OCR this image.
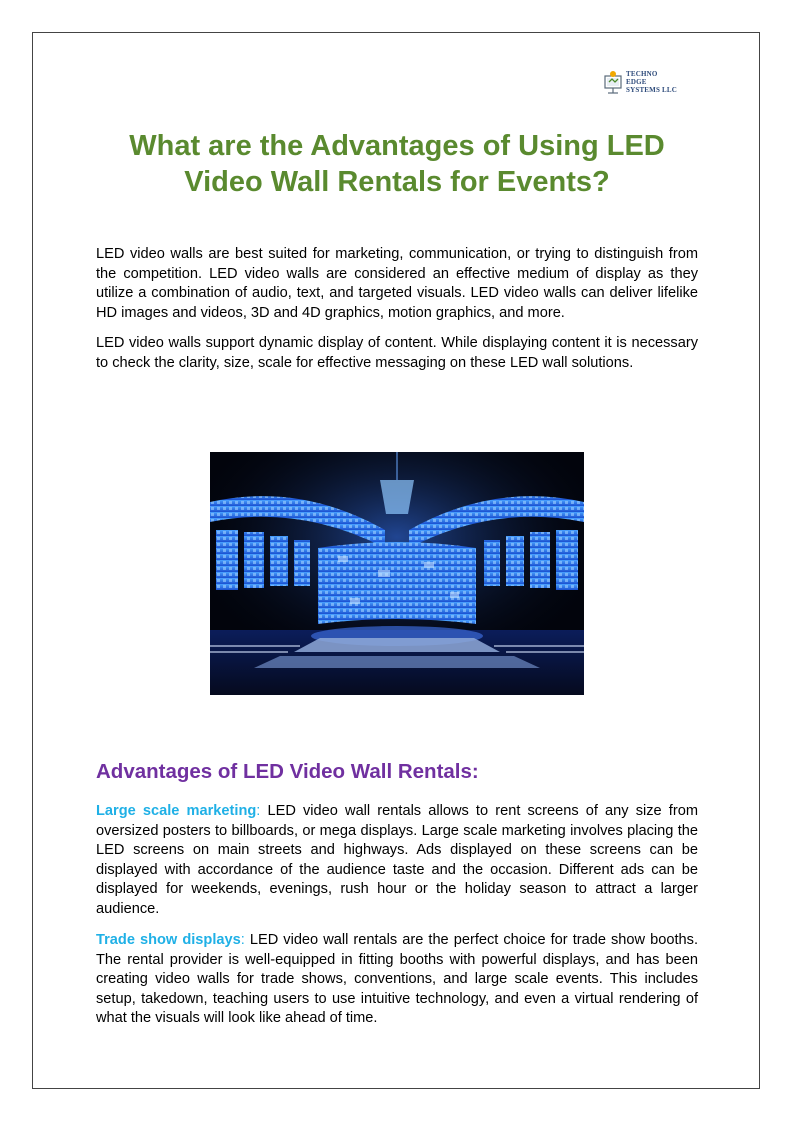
TECHNO
EDGE
SYSTEMS LLC
What are the Advantages of Using LED Video Wall Rentals for Events?

LED video walls are best suited for marketing, communication, or trying to distinguish from the competition. LED video walls are considered an effective medium of display as they utilize a combination of audio, text, and targeted visuals. LED video walls can deliver lifelike HD images and videos, 3D and 4D graphics, motion graphics, and more.

LED video walls support dynamic display of content. While displaying content it is necessary to check the clarity, size, scale for effective messaging on these LED wall solutions.

Advantages of LED Video Wall Rentals:

Large scale marketing: LED video wall rentals allows to rent screens of any size from oversized posters to billboards, or mega displays. Large scale marketing involves placing the LED screens on main streets and highways. Ads displayed on these screens can be displayed with accordance of the audience taste and the occasion. Different ads can be displayed for weekends, evenings, rush hour or the holiday season to attract a larger audience.

Trade show displays: LED video wall rentals are the perfect choice for trade show booths. The rental provider is well-equipped in fitting booths with powerful displays, and has been creating video walls for trade shows, conventions, and large scale events. This includes setup, takedown, teaching users to use intuitive technology, and even a virtual rendering of what the visuals will look like ahead of time.
